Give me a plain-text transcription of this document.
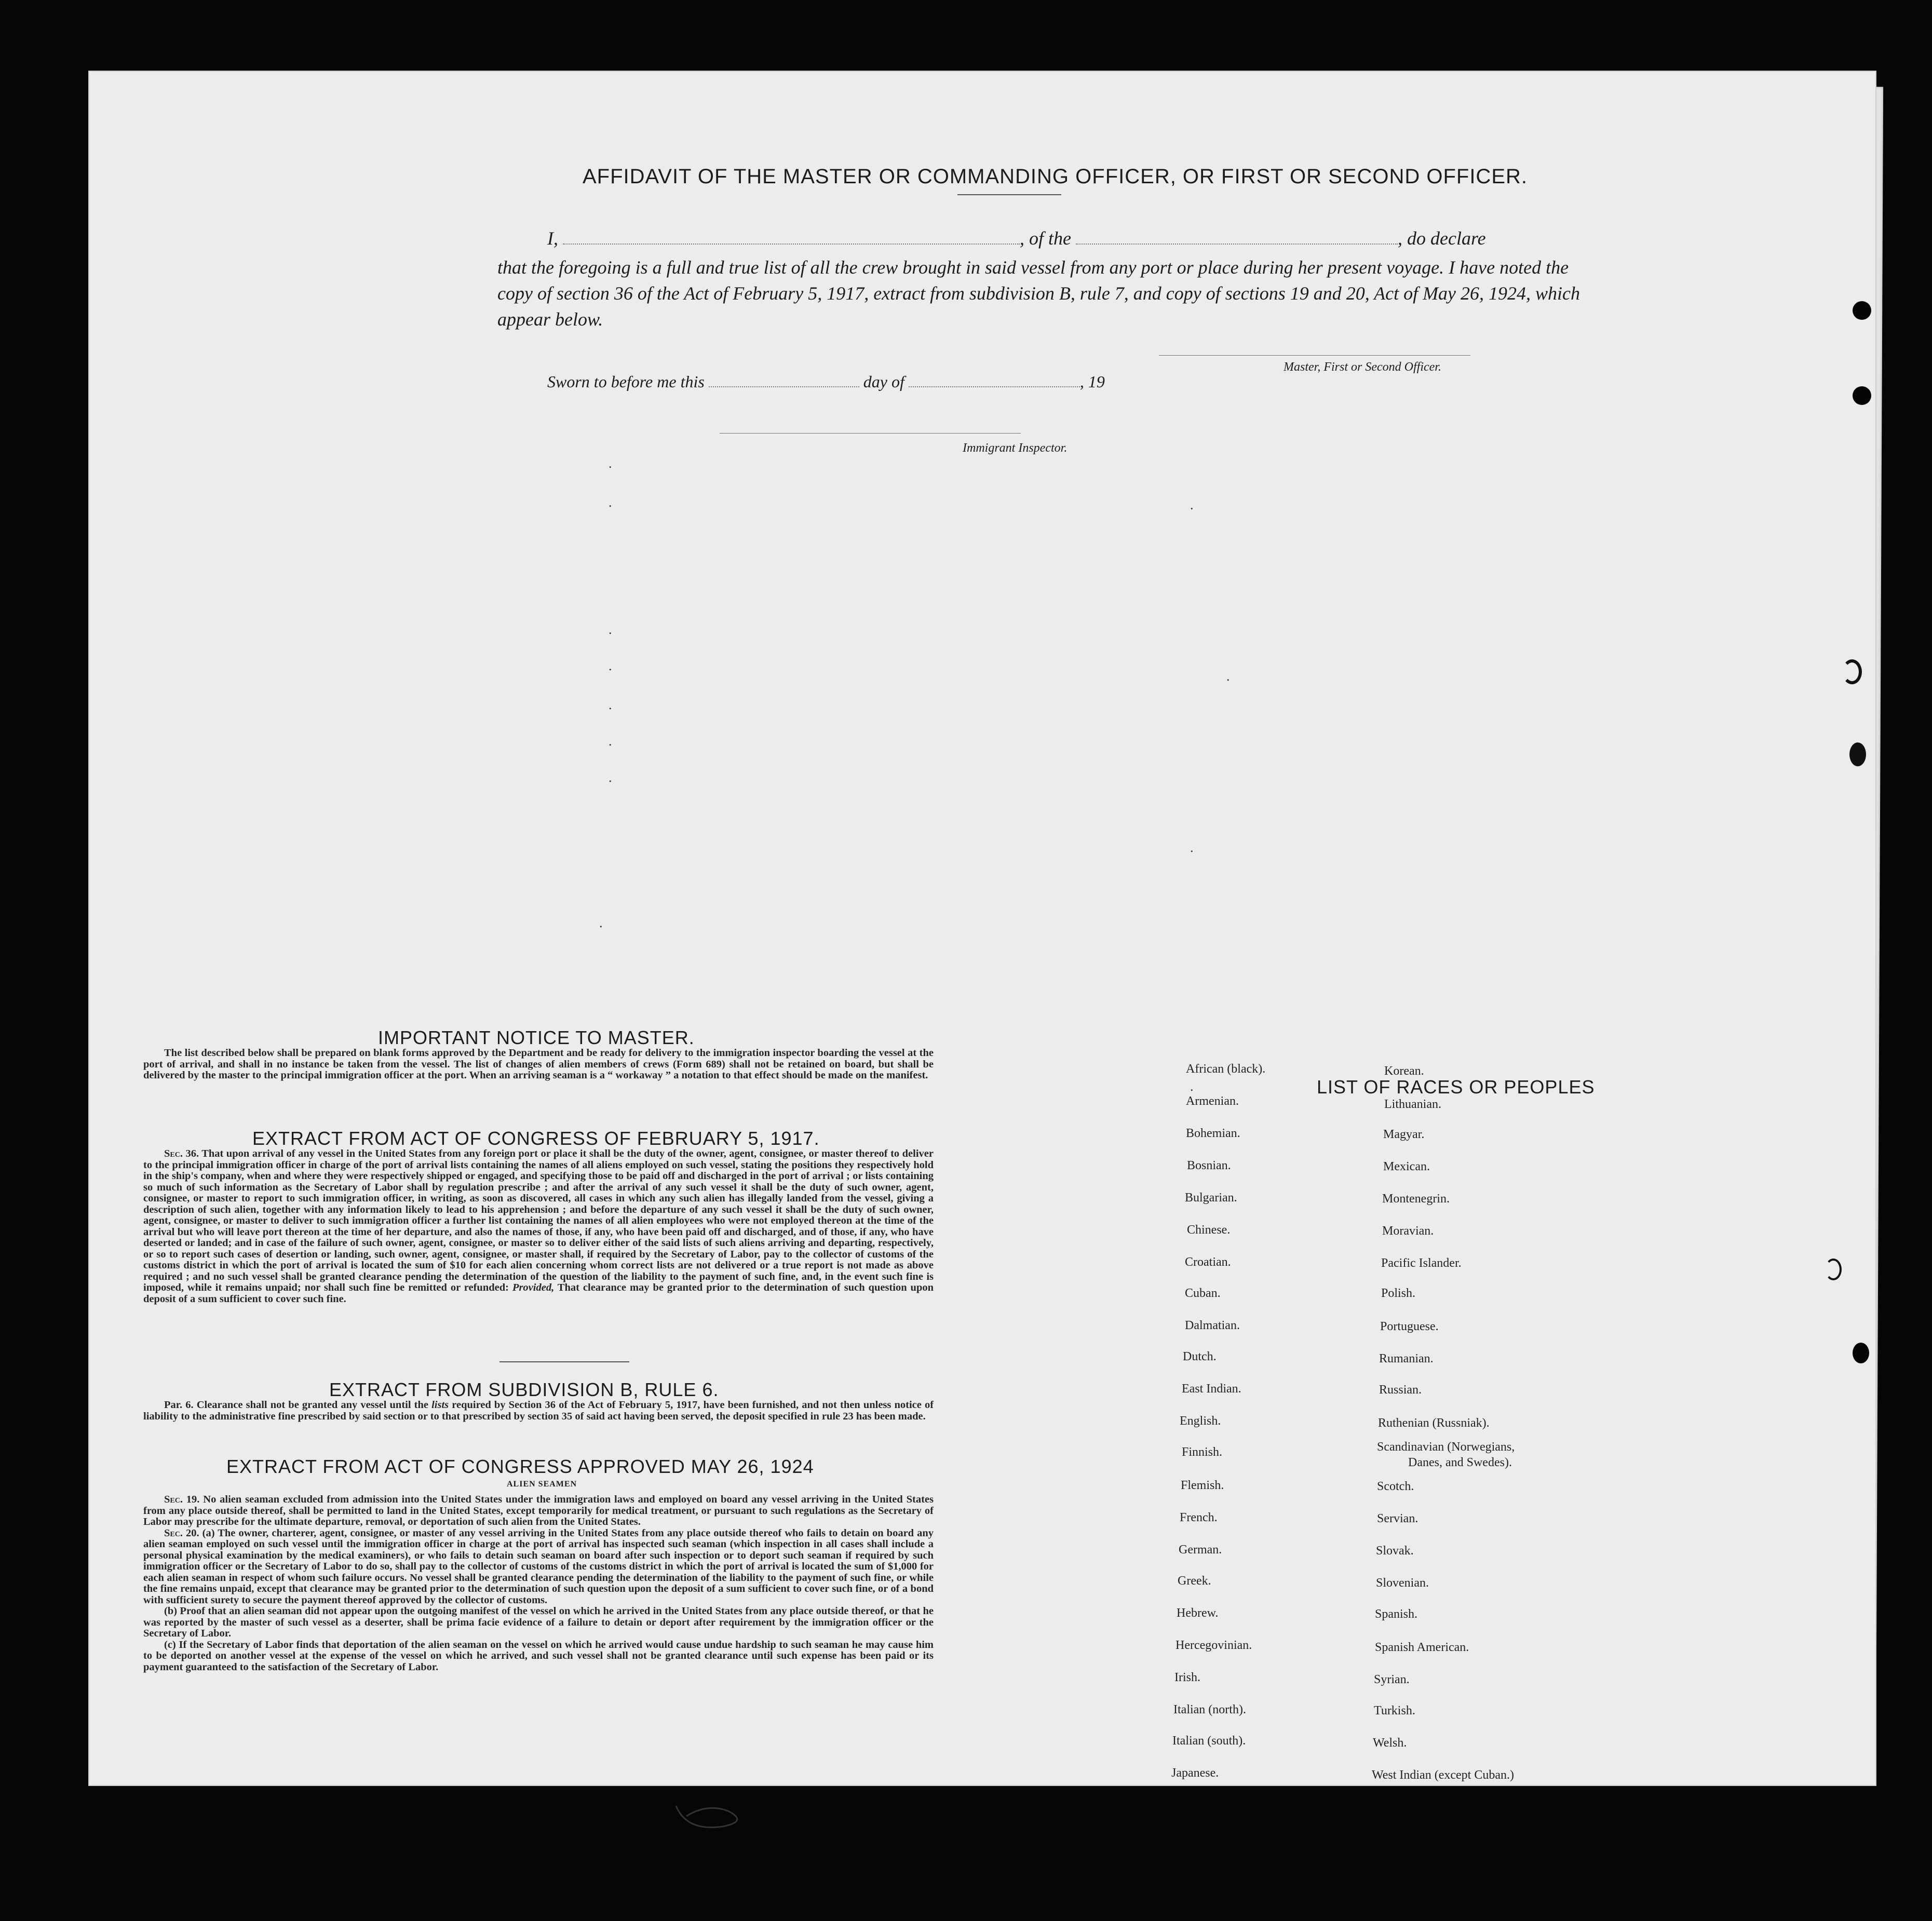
.
.
.
.
.
.
.
.
.
.
.
.
AFFIDAVIT OF THE MASTER OR COMMANDING OFFICER, OR FIRST OR SECOND OFFICER.
I,	, of the	, do declare
that the foregoing is a full and true list of all the crew brought in said vessel from any port or place during her present voyage. I have noted the copy of section 36 of the Act of February 5, 1917, extract from subdivision B, rule 7, and copy of sections 19 and 20, Act of May 26, 1924, which appear below.
Master, First or Second Officer.
Sworn to before me this	day of	, 19
Immigrant Inspector.
IMPORTANT NOTICE TO MASTER.

The list described below shall be prepared on blank forms approved by the Department and be ready for delivery to the immigration inspector boarding the vessel at the port of arrival, and shall in no instance be taken from the vessel. The list of changes of alien members of crews (Form 689) shall not be retained on board, but shall be delivered by the master to the principal immigration officer at the port. When an arriving seaman is a “ workaway ” a notation to that effect should be made on the manifest.

EXTRACT FROM ACT OF CONGRESS OF FEBRUARY 5, 1917.

Sec. 36. That upon arrival of any vessel in the United States from any foreign port or place it shall be the duty of the owner, agent, consignee, or master thereof to deliver to the principal immigration officer in charge of the port of arrival lists containing the names of all aliens employed on such vessel, stating the positions they respectively hold in the ship's company, when and where they were respectively shipped or engaged, and specifying those to be paid off and discharged in the port of arrival ; or lists containing so much of such information as the Secretary of Labor shall by regulation prescribe ; and after the arrival of any such vessel it shall be the duty of such owner, agent, consignee, or master to report to such immigration officer, in writing, as soon as discovered, all cases in which any such alien has illegally landed from the vessel, giving a description of such alien, together with any information likely to lead to his apprehension ; and before the departure of any such vessel it shall be the duty of such owner, agent, consignee, or master to deliver to such immigration officer a further list containing the names of all alien employees who were not employed thereon at the time of the arrival but who will leave port thereon at the time of her departure, and also the names of those, if any, who have been paid off and discharged, and of those, if any, who have deserted or landed; and in case of the failure of such owner, agent, consignee, or master so to deliver either of the said lists of such aliens arriving and departing, respectively, or so to report such cases of desertion or landing, such owner, agent, consignee, or master shall, if required by the Secretary of Labor, pay to the collector of customs of the customs district in which the port of arrival is located the sum of $10 for each alien concerning whom correct lists are not delivered or a true report is not made as above required ; and no such vessel shall be granted clearance pending the determination of the question of the liability to the payment of such fine, and, in the event such fine is imposed, while it remains unpaid; nor shall such fine be remitted or refunded: Provided, That clearance may be granted prior to the determination of such question upon deposit of a sum sufficient to cover such fine.

EXTRACT FROM SUBDIVISION B, RULE 6.

Par. 6. Clearance shall not be granted any vessel until the lists required by Section 36 of the Act of February 5, 1917, have been furnished, and not then unless notice of liability to the administrative fine prescribed by said section or to that prescribed by section 35 of said act having been served, the deposit specified in rule 23 has been made.

EXTRACT FROM ACT OF CONGRESS APPROVED MAY 26, 1924
ALIEN SEAMEN

Sec. 19. No alien seaman excluded from admission into the United States under the immigration laws and employed on board any vessel arriving in the United States from any place outside thereof, shall be permitted to land in the United States, except temporarily for medical treatment, or pursuant to such regulations as the Secretary of Labor may prescribe for the ultimate departure, removal, or deportation of such alien from the United States.

Sec. 20. (a) The owner, charterer, agent, consignee, or master of any vessel arriving in the United States from any place outside thereof who fails to detain on board any alien seaman employed on such vessel until the immigration officer in charge at the port of arrival has inspected such seaman (which inspection in all cases shall include a personal physical examination by the medical examiners), or who fails to detain such seaman on board after such inspection or to deport such seaman if required by such immigration officer or the Secretary of Labor to do so, shall pay to the collector of customs of the customs district in which the port of arrival is located the sum of $1,000 for each alien seaman in respect of whom such failure occurs. No vessel shall be granted clearance pending the determination of the liability to the payment of such fine, or while the fine remains unpaid, except that clearance may be granted prior to the determination of such question upon the deposit of a sum sufficient to cover such fine, or of a bond with sufficient surety to secure the payment thereof approved by the collector of customs.

(b) Proof that an alien seaman did not appear upon the outgoing manifest of the vessel on which he arrived in the United States from any place outside thereof, or that he was reported by the master of such vessel as a deserter, shall be prima facie evidence of a failure to detain or deport after requirement by the immigration officer or the Secretary of Labor.

(c) If the Secretary of Labor finds that deportation of the alien seaman on the vessel on which he arrived would cause undue hardship to such seaman he may cause him to be deported on another vessel at the expense of the vessel on which he arrived, and such vessel shall not be granted clearance until such expense has been paid or its payment guaranteed to the satisfaction of the Secretary of Labor.

LIST OF RACES OR PEOPLES
African (black).
Armenian.
Bohemian.
Bosnian.
Bulgarian.
Chinese.
Croatian.
Cuban.
Dalmatian.
Dutch.
East Indian.
English.
Finnish.
Flemish.
French.
German.
Greek.
Hebrew.
Hercegovinian.
Irish.
Italian (north).
Italian (south).
Japanese.
Korean.
Lithuanian.
Magyar.
Mexican.
Montenegrin.
Moravian.
Pacific Islander.
Polish.
Portuguese.
Rumanian.
Russian.
Ruthenian (Russniak).
Scandinavian (Norwegians,
Danes, and Swedes).
Scotch.
Servian.
Slovak.
Slovenian.
Spanish.
Spanish American.
Syrian.
Turkish.
Welsh.
West Indian (except Cuban.)
